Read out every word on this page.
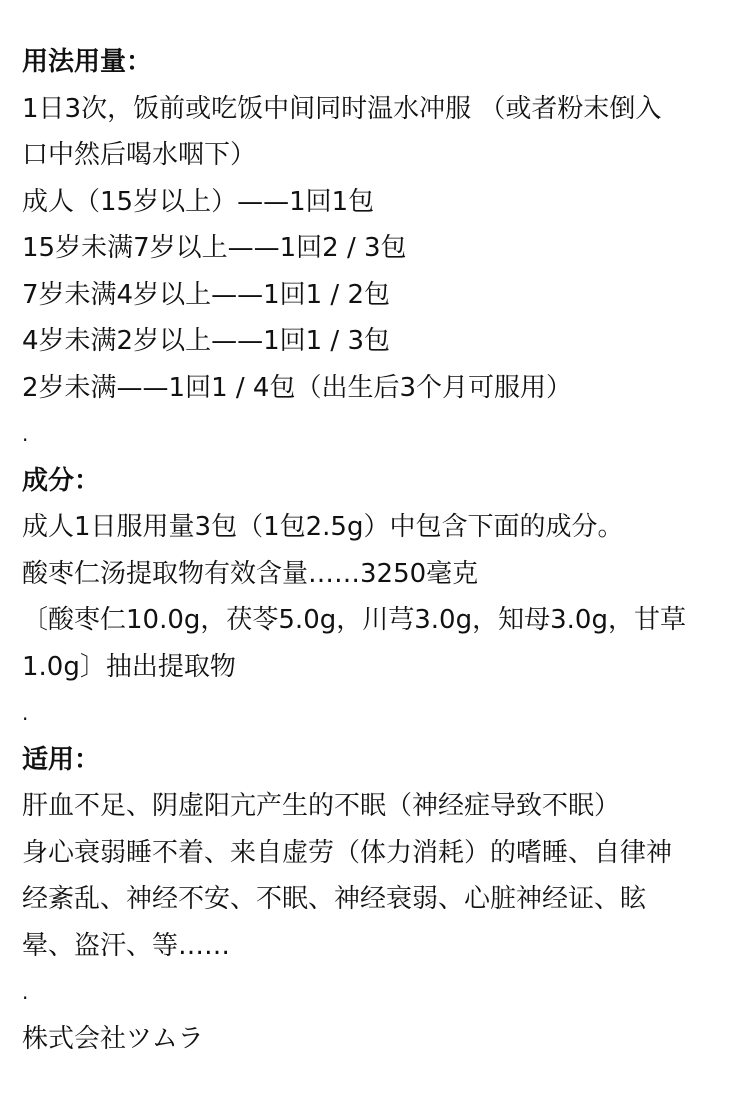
用法用量：
1日3次，饭前或吃饭中间同时温水冲服 （或者粉末倒入
口中然后喝水咽下）
成人（15岁以上）——1回1包
15岁未满7岁以上——1回2 / 3包
7岁未满4岁以上——1回1 / 2包
4岁未满2岁以上——1回1 / 3包
2岁未满——1回1 / 4包（出生后3个月可服用）
.
成分：
成人1日服用量3包（1包2.5g）中包含下面的成分。
酸枣仁汤提取物有效含量……3250毫克
〔酸枣仁10.0g，茯苓5.0g，川芎3.0g，知母3.0g，甘草
1.0g〕抽出提取物
.
适用：
肝血不足、阴虚阳亢产生的不眠（神经症导致不眠）
身心衰弱睡不着、来自虚劳（体力消耗）的嗜睡、自律神
经紊乱、神经不安、不眠、神经衰弱、心脏神经证、眩
晕、盗汗、等……
.
株式会社ツムラ
